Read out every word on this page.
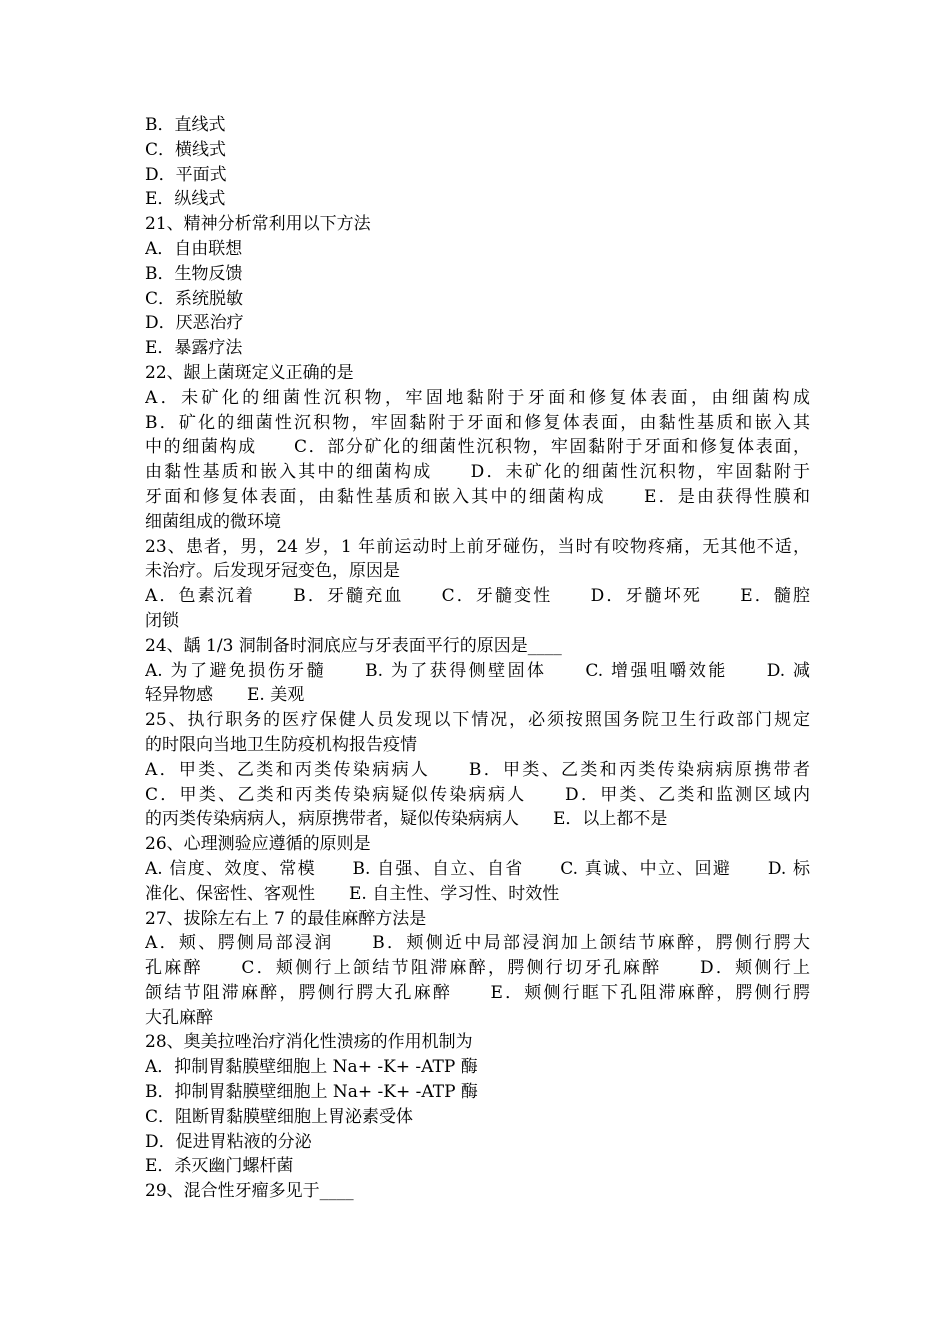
B．直线式
C．横线式
D．平面式
E．纵线式
21、精神分析常利用以下方法
A．自由联想
B．生物反馈
C．系统脱敏
D．厌恶治疗
E．暴露疗法
22、龈上菌斑定义正确的是
A．未矿化的细菌性沉积物，牢固地黏附于牙面和修复体表面，由细菌构成
B．矿化的细菌性沉积物，牢固黏附于牙面和修复体表面，由黏性基质和嵌入其
中的细菌构成　　C．部分矿化的细菌性沉积物，牢固黏附于牙面和修复体表面，
由黏性基质和嵌入其中的细菌构成　　D．未矿化的细菌性沉积物，牢固黏附于
牙面和修复体表面，由黏性基质和嵌入其中的细菌构成　　E．是由获得性膜和
细菌组成的微环境
23、患者，男，24 岁，1 年前运动时上前牙碰伤，当时有咬物疼痛，无其他不适，
未治疗。后发现牙冠变色，原因是
A．色素沉着　　B．牙髓充血　　C．牙髓变性　　D．牙髓坏死　　E．髓腔
闭锁
24、龋 1/3 洞制备时洞底应与牙表面平行的原因是____
A. 为了避免损伤牙髓　　B. 为了获得侧壁固体　　C. 增强咀嚼效能　　D. 减
轻异物感　　E. 美观
25、执行职务的医疗保健人员发现以下情况，必须按照国务院卫生行政部门规定
的时限向当地卫生防疫机构报告疫情
A．甲类、乙类和丙类传染病病人　　B．甲类、乙类和丙类传染病病原携带者
C．甲类、乙类和丙类传染病疑似传染病病人　　D．甲类、乙类和监测区域内
的丙类传染病病人，病原携带者，疑似传染病病人　　E．以上都不是
26、心理测验应遵循的原则是
A. 信度、效度、常模　　B. 自强、自立、自省　　C. 真诚、中立、回避　　D. 标
准化、保密性、客观性　　E. 自主性、学习性、时效性
27、拔除左右上 7 的最佳麻醉方法是
A．颊、腭侧局部浸润　　B．颊侧近中局部浸润加上颌结节麻醉，腭侧行腭大
孔麻醉　　C．颊侧行上颌结节阻滞麻醉，腭侧行切牙孔麻醉　　D．颊侧行上
颌结节阻滞麻醉，腭侧行腭大孔麻醉　　E．颊侧行眶下孔阻滞麻醉，腭侧行腭
大孔麻醉
28、奥美拉唑治疗消化性溃疡的作用机制为
A．抑制胃黏膜壁细胞上 Na+ -K+ -ATP 酶
B．抑制胃黏膜壁细胞上 Na+ -K+ -ATP 酶
C．阻断胃黏膜壁细胞上胃泌素受体
D．促进胃粘液的分泌
E．杀灭幽门螺杆菌
29、混合性牙瘤多见于____
